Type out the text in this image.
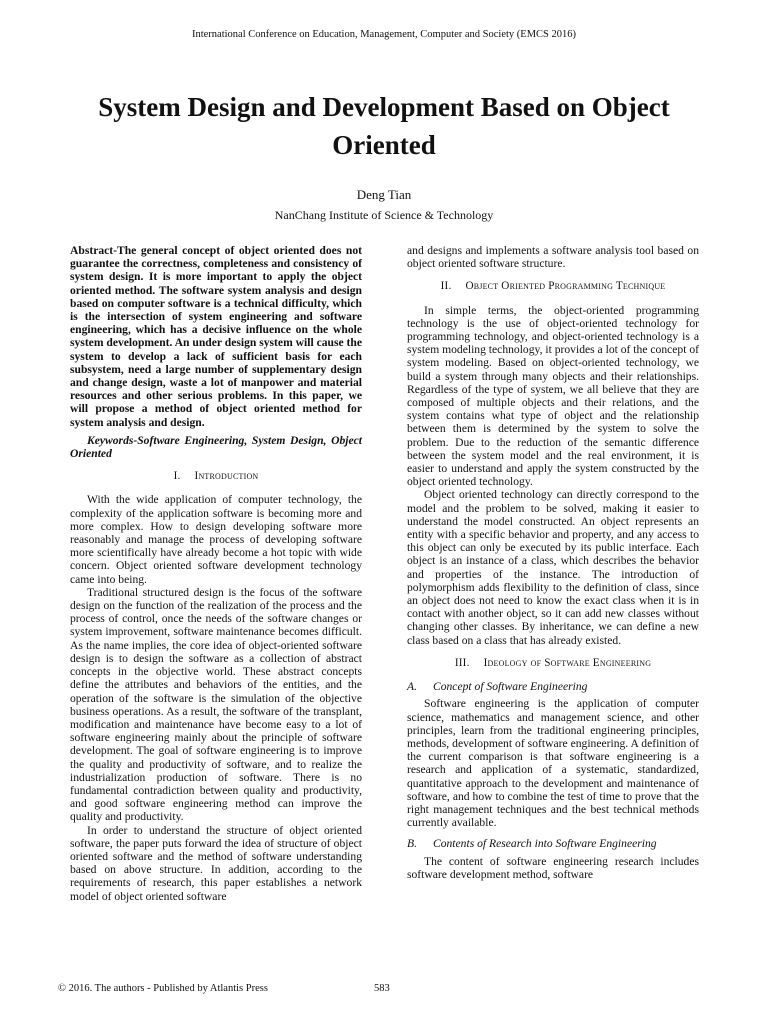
International Conference on Education, Management, Computer and Society (EMCS 2016)
System Design and Development Based on Object Oriented
Deng Tian
NanChang Institute of Science & Technology

Abstract-The general concept of object oriented does not guarantee the correctness, completeness and consistency of system design. It is more important to apply the object oriented method. The software system analysis and design based on computer software is a technical difficulty, which is the intersection of system engineering and software engineering, which has a decisive influence on the whole system development. An under design system will cause the system to develop a lack of sufficient basis for each subsystem, need a large number of supplementary design and change design, waste a lot of manpower and material resources and other serious problems. In this paper, we will propose a method of object oriented method for system analysis and design.

Keywords-Software Engineering, System Design, Object Oriented

I. Introduction

With the wide application of computer technology, the complexity of the application software is becoming more and more complex. How to design developing software more reasonably and manage the process of developing software more scientifically have already become a hot topic with wide concern. Object oriented software development technology came into being.

Traditional structured design is the focus of the software design on the function of the realization of the process and the process of control, once the needs of the software changes or system improvement, software maintenance becomes difficult. As the name implies, the core idea of object-oriented software design is to design the software as a collection of abstract concepts in the objective world. These abstract concepts define the attributes and behaviors of the entities, and the operation of the software is the simulation of the objective business operations. As a result, the software of the transplant, modification and maintenance have become easy to a lot of software engineering mainly about the principle of software development. The goal of software engineering is to improve the quality and productivity of software, and to realize the industrialization production of software. There is no fundamental contradiction between quality and productivity, and good software engineering method can improve the quality and productivity.

In order to understand the structure of object oriented software, the paper puts forward the idea of structure of object oriented software and the method of software understanding based on above structure. In addition, according to the requirements of research, this paper establishes a network model of object oriented software

and designs and implements a software analysis tool based on object oriented software structure.

II. Object Oriented Programming Technique

In simple terms, the object-oriented programming technology is the use of object-oriented technology for programming technology, and object-oriented technology is a system modeling technology, it provides a lot of the concept of system modeling. Based on object-oriented technology, we build a system through many objects and their relationships. Regardless of the type of system, we all believe that they are composed of multiple objects and their relations, and the system contains what type of object and the relationship between them is determined by the system to solve the problem. Due to the reduction of the semantic difference between the system model and the real environment, it is easier to understand and apply the system constructed by the object oriented technology.

Object oriented technology can directly correspond to the model and the problem to be solved, making it easier to understand the model constructed. An object represents an entity with a specific behavior and property, and any access to this object can only be executed by its public interface. Each object is an instance of a class, which describes the behavior and properties of the instance. The introduction of polymorphism adds flexibility to the definition of class, since an object does not need to know the exact class when it is in contact with another object, so it can add new classes without changing other classes. By inheritance, we can define a new class based on a class that has already existed.

III. Ideology of Software Engineering

A. Concept of Software Engineering

Software engineering is the application of computer science, mathematics and management science, and other principles, learn from the traditional engineering principles, methods, development of software engineering. A definition of the current comparison is that software engineering is a research and application of a systematic, standardized, quantitative approach to the development and maintenance of software, and how to combine the test of time to prove that the right management techniques and the best technical methods currently available.

B. Contents of Research into Software Engineering

The content of software engineering research includes software development method, software

© 2016. The authors - Published by Atlantis Press	583
